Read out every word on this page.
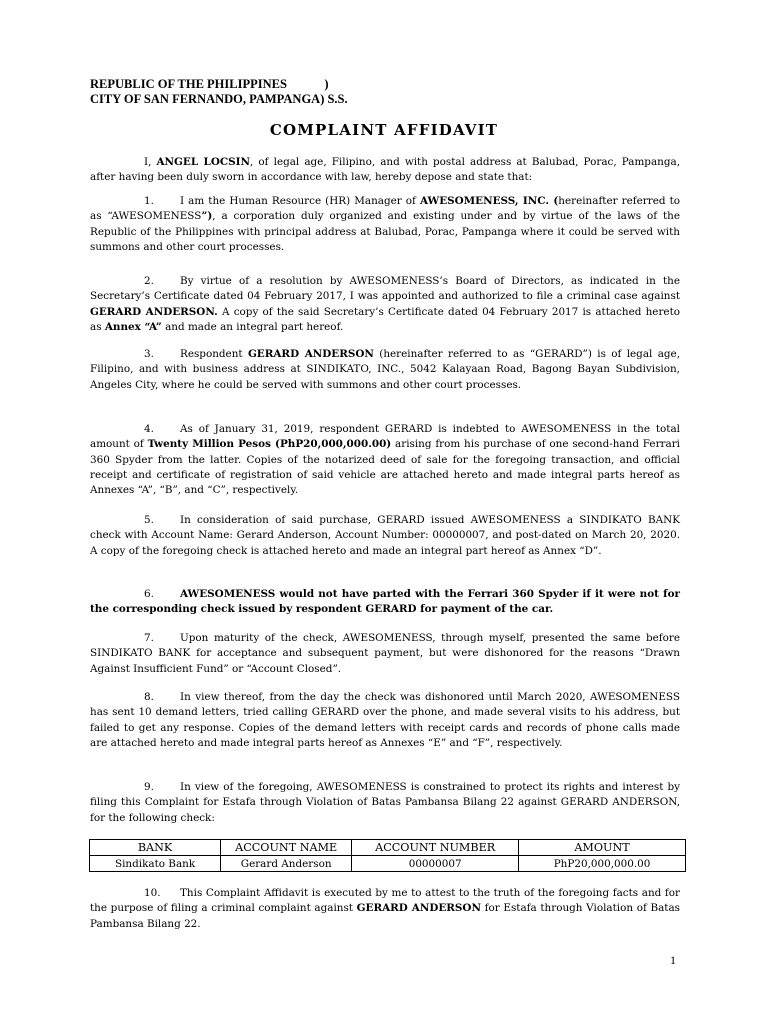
REPUBLIC OF THE PHILIPPINES            )
CITY OF SAN FERNANDO, PAMPANGA) S.S.
COMPLAINT AFFIDAVIT

I, ANGEL LOCSIN, of legal age, Filipino, and with postal address at Balubad, Porac, Pampanga, after having been duly sworn in accordance with law, hereby depose and state that:

1.	I am the Human Resource (HR) Manager of AWESOMENESS, INC. (hereinafter referred to as “AWESOMENESS”), a corporation duly organized and existing under and by virtue of the laws of the Republic of the Philippines with principal address at Balubad, Porac, Pampanga where it could be served with summons and other court processes.

2.	By virtue of a resolution by AWESOMENESS’s Board of Directors, as indicated in the Secretary’s Certificate dated 04 February 2017, I was appointed and authorized to file a criminal case against GERARD ANDERSON. A copy of the said Secretary’s Certificate dated 04 February 2017 is attached hereto as Annex “A” and made an integral part hereof.

3.	Respondent GERARD ANDERSON (hereinafter referred to as “GERARD”) is of legal age, Filipino, and with business address at SINDIKATO, INC., 5042 Kalayaan Road, Bagong Bayan Subdivision, Angeles City, where he could be served with summons and other court processes.

4.	As of January 31, 2019, respondent GERARD is indebted to AWESOMENESS in the total amount of Twenty Million Pesos (PhP20,000,000.00) arising from his purchase of one second-hand Ferrari 360 Spyder from the latter. Copies of the notarized deed of sale for the foregoing transaction, and official receipt and certificate of registration of said vehicle are attached hereto and made integral parts hereof as Annexes “A”, “B”, and “C”, respectively.

5.	In consideration of said purchase, GERARD issued AWESOMENESS a SINDIKATO BANK check with Account Name: Gerard Anderson, Account Number: 00000007, and post-dated on March 20, 2020. A copy of the foregoing check is attached hereto and made an integral part hereof as Annex “D”.

6.	AWESOMENESS would not have parted with the Ferrari 360 Spyder if it were not for the corresponding check issued by respondent GERARD for payment of the car.

7.	Upon maturity of the check, AWESOMENESS, through myself, presented the same before SINDIKATO BANK for acceptance and subsequent payment, but were dishonored for the reasons “Drawn Against Insufficient Fund” or “Account Closed”.

8.	In view thereof, from the day the check was dishonored until March 2020, AWESOMENESS has sent 10 demand letters, tried calling GERARD over the phone, and made several visits to his address, but failed to get any response. Copies of the demand letters with receipt cards and records of phone calls made are attached hereto and made integral parts hereof as Annexes “E” and “F”, respectively.

9.	In view of the foregoing, AWESOMENESS is constrained to protect its rights and interest by filing this Complaint for Estafa through Violation of Batas Pambansa Bilang 22 against GERARD ANDERSON, for the following check:

BANK	ACCOUNT NAME	ACCOUNT NUMBER	AMOUNT
Sindikato Bank	Gerard Anderson	00000007	PhP20,000,000.00

10. This Complaint Affidavit is executed by me to attest to the truth of the foregoing facts and for the purpose of filing a criminal complaint against GERARD ANDERSON for Estafa through Violation of Batas Pambansa Bilang 22.

1
